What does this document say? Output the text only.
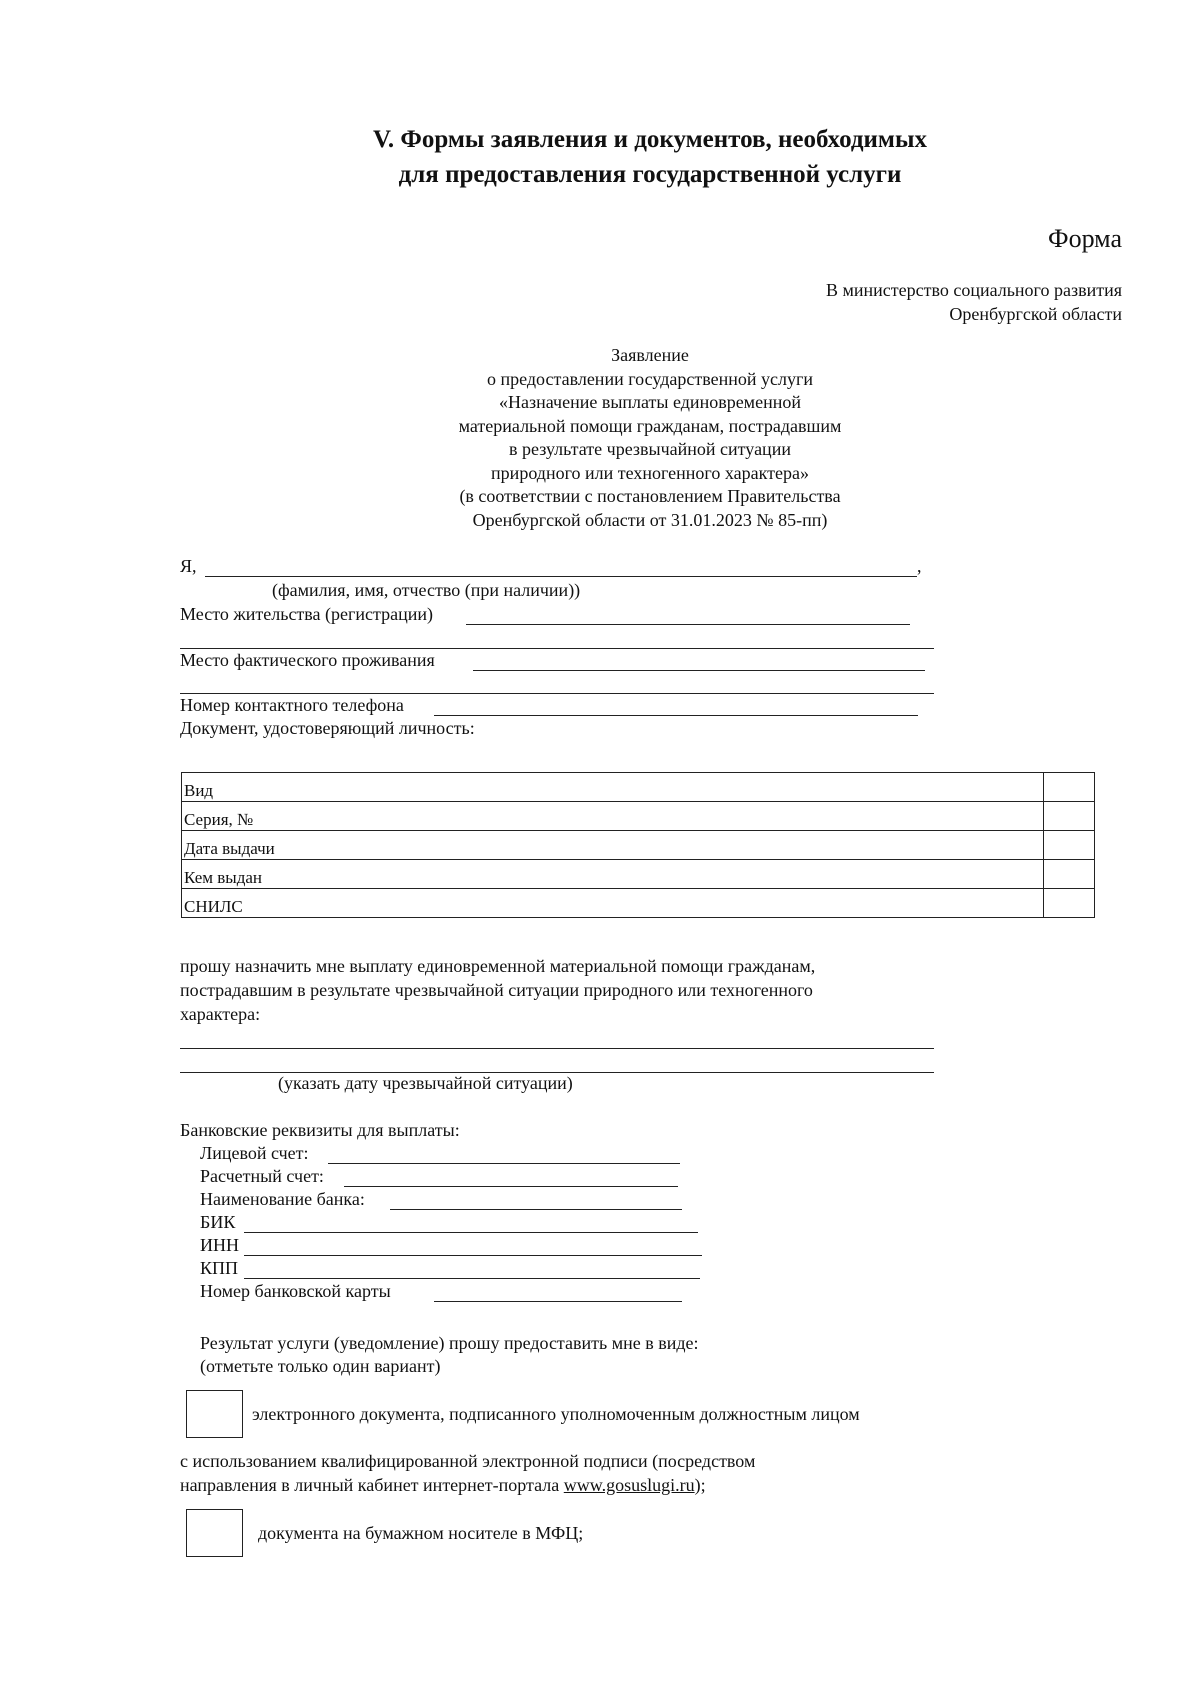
V. Формы заявления и документов, необходимых
для предоставления государственной услуги
Форма
В министерство социального развития
Оренбургской области
Заявление
о предоставлении государственной услуги
«Назначение выплаты единовременной
материальной помощи гражданам, пострадавшим
в результате чрезвычайной ситуации
природного или техногенного характера»
(в соответствии с постановлением Правительства
Оренбургской области от 31.01.2023 № 85-пп)
Я,	,
(фамилия, имя, отчество (при наличии))
Место жительства (регистрации)
Место фактического проживания
Номер контактного телефона
Документ, удостоверяющий личность:
Вид	
Серия, №	
Дата выдачи	
Кем выдан	
СНИЛС	
прошу назначить мне выплату единовременной материальной помощи гражданам,
пострадавшим в результате чрезвычайной ситуации природного или техногенного
характера:
(указать дату чрезвычайной ситуации)
Банковские реквизиты для выплаты:
Лицевой счет:
Расчетный счет:
Наименование банка:
БИК
ИНН
КПП
Номер банковской карты
Результат услуги (уведомление) прошу предоставить мне в виде:
(отметьте только один вариант)
электронного документа, подписанного уполномоченным должностным лицом
с использованием квалифицированной электронной подписи (посредством
направления в личный кабинет интернет-портала www.gosuslugi.ru);
документа на бумажном носителе в МФЦ;
